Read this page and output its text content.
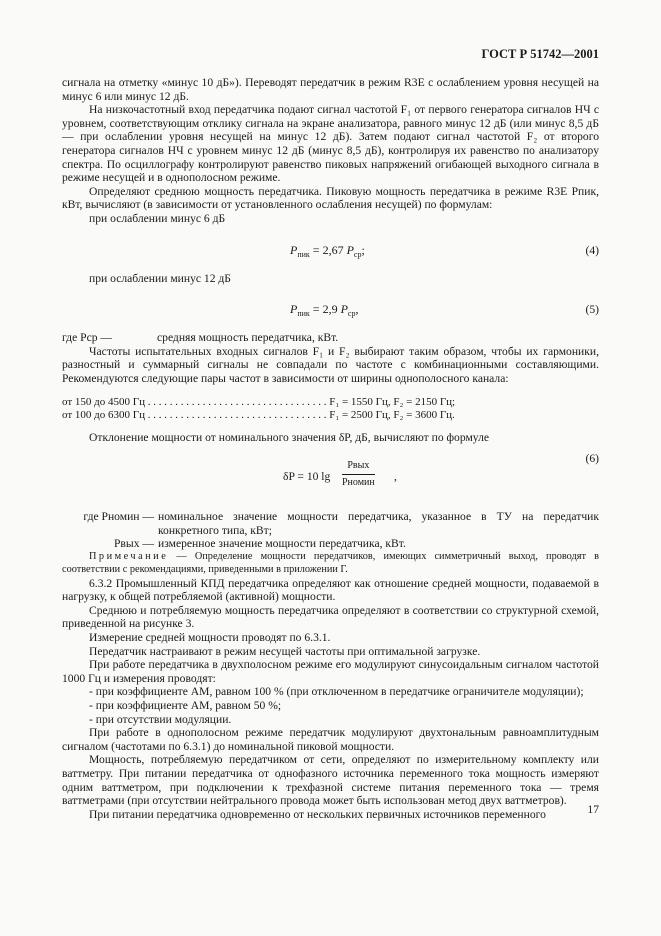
ГОСТ Р 51742—2001

сигнала на отметку «минус 10 дБ»). Переводят передатчик в режим R3E с ослаблением уровня несущей на минус 6 или минус 12 дБ.

На низкочастотный вход передатчика подают сигнал частотой F₁ от первого генератора сигналов НЧ с уровнем, соответствующим отклику сигнала на экране анализатора, равного минус 12 дБ (или минус 8,5 дБ — при ослаблении уровня несущей на минус 12 дБ). Затем подают сигнал частотой F₂ от второго генератора сигналов НЧ с уровнем минус 12 дБ (минус 8,5 дБ), контролируя их равенство по анализатору спектра. По осциллографу контролируют равенство пиковых напряжений огибающей выходного сигнала в режиме несущей и в однополосном режиме.

Определяют среднюю мощность передатчика. Пиковую мощность передатчика в режиме R3E Pпик, кВт, вычисляют (в зависимости от установленного ослабления несущей) по формулам:

при ослаблении минус 6 дБ

$P_{пик} = 2,67$ $P_{ср}$;	(4)

при ослаблении минус 12 дБ

$P_{пик} = 2,9$ $P_{ср}$,	(5)
где Pср —	средняя мощность передатчика, кВт.

Частоты испытательных входных сигналов F₁ и F₂ выбирают таким образом, чтобы их гармоники, разностный и суммарный сигналы не совпадали по частоте с комбинационными составляющими. Рекомендуются следующие пары частот в зависимости от ширины однополосного канала:

от 150 до 4500 Гц . . . . . . . . . . . . . . . . . . . . . . . . . . . . . . . . . F₁ = 1550 Гц, F₂ = 2150 Гц;
от 100 до 6300 Гц . . . . . . . . . . . . . . . . . . . . . . . . . . . . . . . . . F₁ = 2500 Гц, F₂ = 3600 Гц.

Отклонение мощности от номинального значения δP, дБ, вычисляют по формуле

δP = 10 lg
Pвых
Pномин ,
(6)
где Pномин — номинальное значение мощности передатчика, указанное в ТУ на передатчик конкретного типа, кВт;
Pвых — измеренное значение мощности передатчика, кВт.

Примечание — Определение мощности передатчиков, имеющих симметричный выход, проводят в соответствии с рекомендациями, приведенными в приложении Г.

6.3.2 Промышленный КПД передатчика определяют как отношение средней мощности, подаваемой в нагрузку, к общей потребляемой (активной) мощности.

Среднюю и потребляемую мощность передатчика определяют в соответствии со структурной схемой, приведенной на рисунке 3.

Измерение средней мощности проводят по 6.3.1.

Передатчик настраивают в режим несущей частоты при оптимальной загрузке.

При работе передатчика в двухполосном режиме его модулируют синусоидальным сигналом частотой 1000 Гц и измерения проводят:

- при коэффициенте АМ, равном 100 % (при отключенном в передатчике ограничителе модуляции);

- при коэффициенте АМ, равном 50 %;

- при отсутствии модуляции.

При работе в однополосном режиме передатчик модулируют двухтональным равноамплитудным сигналом (частотами по 6.3.1) до номинальной пиковой мощности.

Мощность, потребляемую передатчиком от сети, определяют по измерительному комплекту или ваттметру. При питании передатчика от однофазного источника переменного тока мощность измеряют одним ваттметром, при подключении к трехфазной системе питания переменного тока — тремя ваттметрами (при отсутствии нейтрального провода может быть использован метод двух ваттметров).

При питании передатчика одновременно от нескольких первичных источников переменного	17
